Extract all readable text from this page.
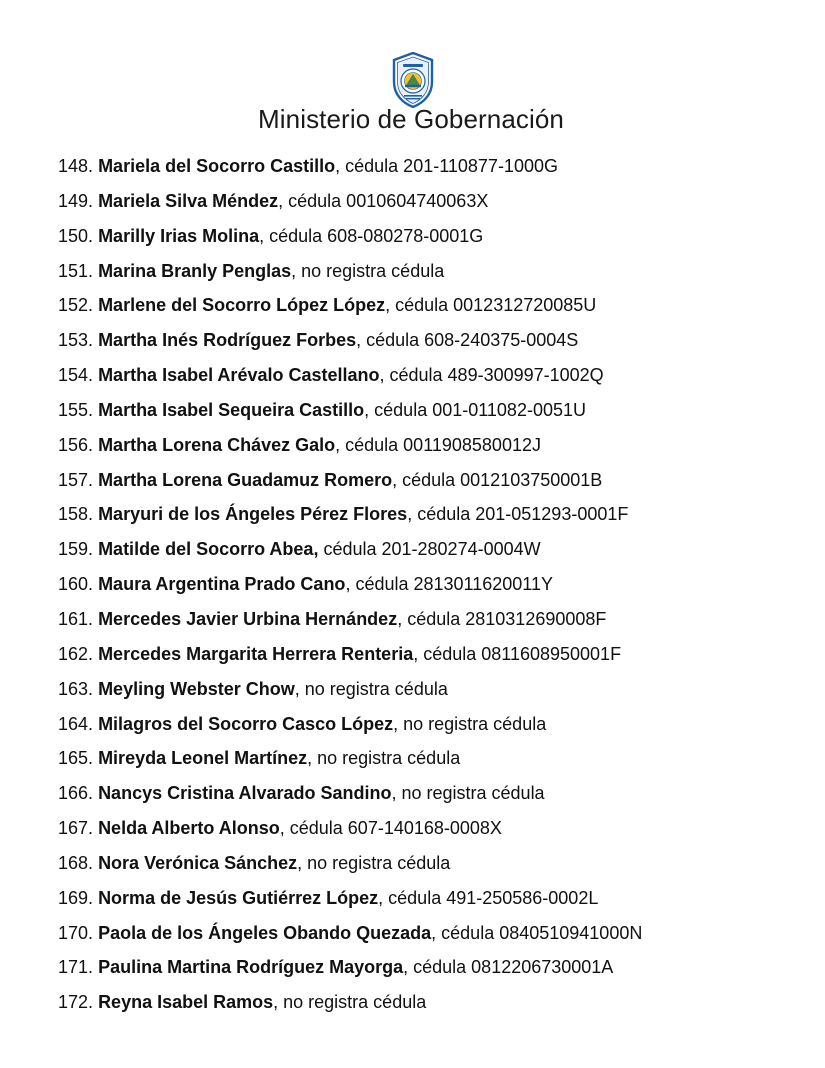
Ministerio de Gobernación
148. Mariela del Socorro Castillo, cédula 201-110877-1000G
149. Mariela Silva Méndez, cédula 0010604740063X
150. Marilly Irias Molina, cédula 608-080278-0001G
151. Marina Branly Penglas, no registra cédula
152. Marlene del Socorro López López, cédula 0012312720085U
153. Martha Inés Rodríguez Forbes, cédula 608-240375-0004S
154. Martha Isabel Arévalo Castellano, cédula 489-300997-1002Q
155. Martha Isabel Sequeira Castillo, cédula 001-011082-0051U
156. Martha Lorena Chávez Galo, cédula 0011908580012J
157. Martha Lorena Guadamuz Romero, cédula 0012103750001B
158. Maryuri de los Ángeles Pérez Flores, cédula 201-051293-0001F
159. Matilde del Socorro Abea, cédula 201-280274-0004W
160. Maura Argentina Prado Cano, cédula 2813011620011Y
161. Mercedes Javier Urbina Hernández, cédula 2810312690008F
162. Mercedes Margarita Herrera Renteria, cédula 0811608950001F
163. Meyling Webster Chow, no registra cédula
164. Milagros del Socorro Casco López, no registra cédula
165. Mireyda Leonel Martínez, no registra cédula
166. Nancys Cristina Alvarado Sandino, no registra cédula
167. Nelda Alberto Alonso, cédula 607-140168-0008X
168. Nora Verónica Sánchez, no registra cédula
169. Norma de Jesús Gutiérrez López, cédula 491-250586-0002L
170. Paola de los Ángeles Obando Quezada, cédula 0840510941000N
171. Paulina Martina Rodríguez Mayorga, cédula 0812206730001A
172. Reyna Isabel Ramos, no registra cédula
